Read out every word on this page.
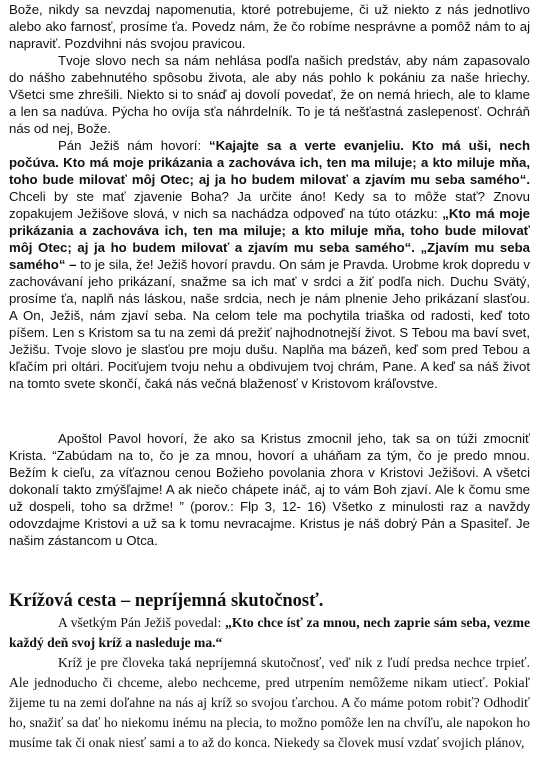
Bože, nikdy sa nevzdaj napomenutia, ktoré potrebujeme, či už niekto z nás jednotlivo alebo ako farnosť, prosíme ťa. Povedz nám, že čo robíme nesprávne a pomôž nám to aj napraviť. Pozdvihni nás svojou pravicou.

Tvoje slovo nech sa nám nehlása podľa našich predstáv, aby nám zapasovalo do nášho zabehnutého spôsobu života, ale aby nás pohlo k pokániu za naše hriechy. Všetci sme zhrešili. Niekto si to snáď aj dovolí povedať, že on nemá hriech, ale to klame a len sa nadúva. Pýcha ho ovíja sťa náhrdelník. To je tá nešťastná zaslepenosť. Ochráň nás od nej, Bože.

Pán Ježiš nám hovorí: “Kajajte sa a verte evanjeliu. Kto má uši, nech počúva. Kto má moje prikázania a zachováva ich, ten ma miluje; a kto miluje mňa, toho bude milovať môj Otec; aj ja ho budem milovať a zjavím mu seba samého“. Chceli by ste mať zjavenie Boha? Ja určite áno! Kedy sa to môže stať? Znovu zopakujem Ježišove slová, v nich sa nachádza odpoveď na túto otázku: „Kto má moje prikázania a zachováva ich, ten ma miluje; a kto miluje mňa, toho bude milovať môj Otec; aj ja ho budem milovať a zjavím mu seba samého“. „Zjavím mu seba samého“ – to je sila, že! Ježiš hovorí pravdu. On sám je Pravda. Urobme krok dopredu v zachovávaní jeho prikázaní, snažme sa ich mať v srdci a žiť podľa nich. Duchu Svätý, prosíme ťa, naplň nás láskou, naše srdcia, nech je nám plnenie Jeho prikázaní slasťou. A On, Ježiš, nám zjaví seba. Na celom tele ma pochytila triaška od radosti, keď toto píšem. Len s Kristom sa tu na zemi dá prežiť najhodnotnejší život. S Tebou ma baví svet, Ježišu. Tvoje slovo je slasťou pre moju dušu. Naplňa ma bázeň, keď som pred Tebou a kľačím pri oltári. Pociťujem tvoju nehu a obdivujem tvoj chrám, Pane. A keď sa náš život na tomto svete skončí, čaká nás večná blaženosť v Kristovom kráľovstve.

Apoštol Pavol hovorí, že ako sa Kristus zmocnil jeho, tak sa on túži zmocniť Krista. “Zabúdam na to, čo je za mnou, hovorí a uháňam za tým, čo je predo mnou. Bežím k cieľu, za víťaznou cenou Božieho povolania zhora v Kristovi Ježišovi. A všetci dokonalí takto zmýšľajme! A ak niečo chápete ináč, aj to vám Boh zjaví. Ale k čomu sme už dospeli, toho sa držme! ” (porov.: Flp 3, 12- 16) Všetko z minulosti raz a navždy odovzdajme Kristovi a už sa k tomu nevracajme. Kristus je náš dobrý Pán a Spasiteľ. Je našim zástancom u Otca.

Krížová cesta – nepríjemná skutočnosť.

A všetkým Pán Ježiš povedal: „Kto chce ísť za mnou, nech zaprie sám seba, vezme každý deň svoj kríž a nasleduje ma.“

Kríž je pre človeka taká nepríjemná skutočnosť, veď nik z ľudí predsa nechce trpieť. Ale jednoducho či chceme, alebo nechceme, pred utrpením nemôžeme nikam utiecť. Pokiaľ žijeme tu na zemi doľahne na nás aj kríž so svojou ťarchou. A čo máme potom robiť? Odhodiť ho, snažiť sa dať ho niekomu inému na plecia, to možno pomôže len na chvíľu, ale napokon ho musíme tak či onak niesť sami a to až do konca. Niekedy sa človek musí vzdať svojich plánov,
